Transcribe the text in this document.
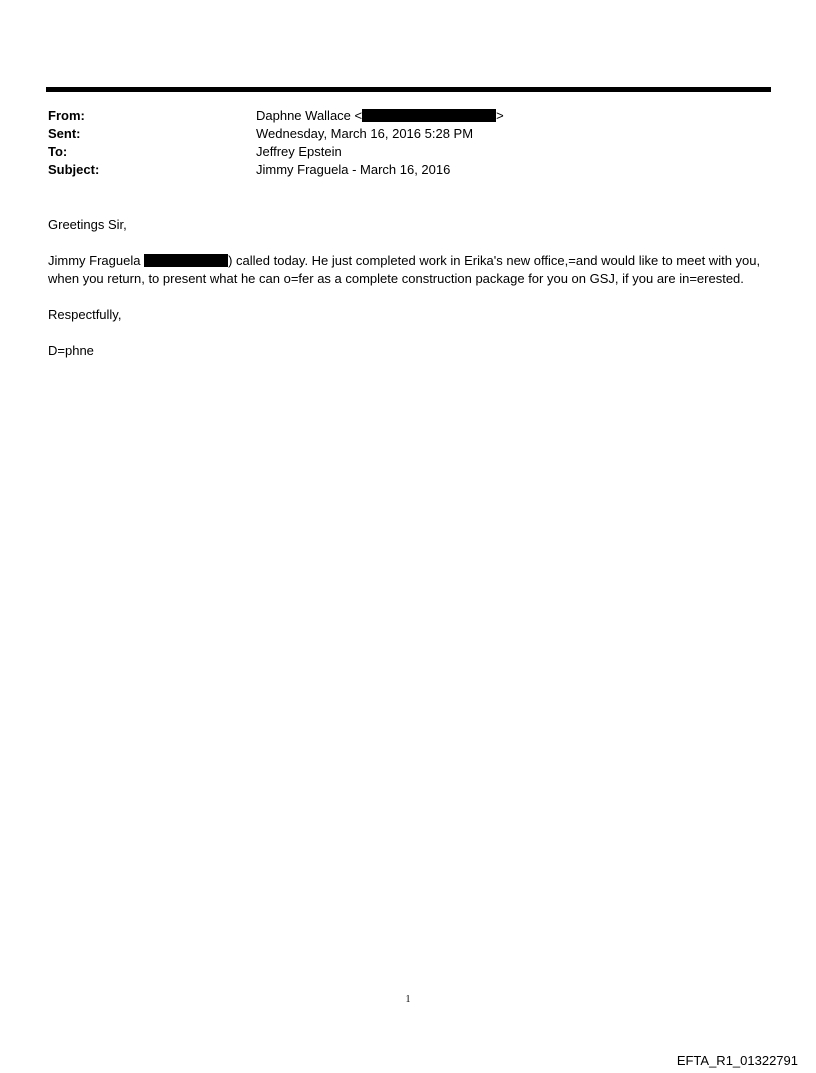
From:	Daphne Wallace <	>
Sent:	Wednesday, March 16, 2016 5:28 PM
To:	Jeffrey Epstein
Subject:	Jimmy Fraguela - March 16, 2016

Greetings Sir,

Jimmy Fraguela	) called today. He just completed work in Erika's new office,=and would like to meet with you, when you return, to present what he can o=fer as a complete construction package for you on GSJ, if you are in=erested.

Respectfully,

D=phne

1
EFTA_R1_01322791
